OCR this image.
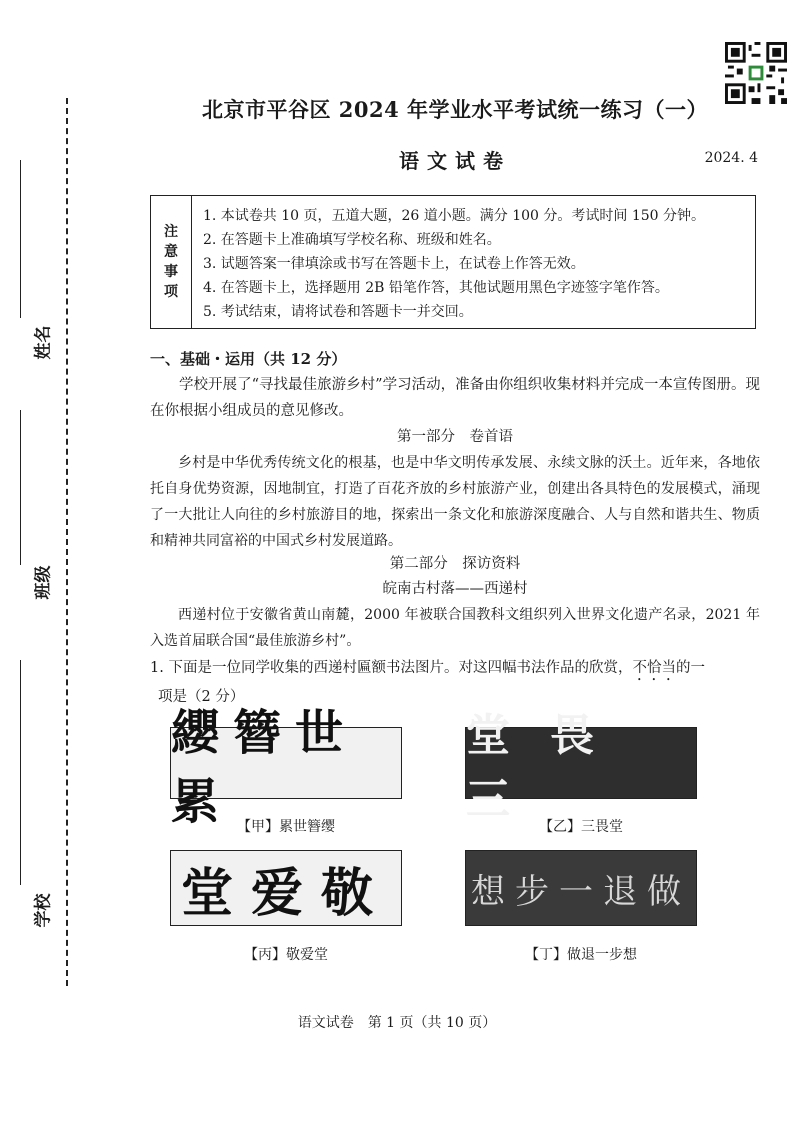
姓名
班级
学校
北京市平谷区 2024 年学业水平考试统一练习（一）
语文试卷	2024. 4
注
意
事
项
1. 本试卷共 10 页，五道大题，26 道小题。满分 100 分。考试时间 150 分钟。
2. 在答题卡上准确填写学校名称、班级和姓名。
3. 试题答案一律填涂或书写在答题卡上，在试卷上作答无效。
4. 在答题卡上，选择题用 2B 铅笔作答，其他试题用黑色字迹签字笔作答。
5. 考试结束，请将试卷和答题卡一并交回。
一、基础・运用（共 12 分）
学校开展了“寻找最佳旅游乡村”学习活动，准备由你组织收集材料并完成一本宣传图册。现在你根据小组成员的意见修改。
第一部分　卷首语
乡村是中华优秀传统文化的根基，也是中华文明传承发展、永续文脉的沃土。近年来，各地依托自身优势资源，因地制宜，打造了百花齐放的乡村旅游产业，创建出各具特色的发展模式，涌现了一大批让人向往的乡村旅游目的地，探索出一条文化和旅游深度融合、人与自然和谐共生、物质和精神共同富裕的中国式乡村发展道路。
第二部分　探访资料
皖南古村落——西递村
西递村位于安徽省黄山南麓，2000 年被联合国教科文组织列入世界文化遗产名录，2021 年入选首届联合国“最佳旅游乡村”。
1. 下面是一位同学收集的西递村匾额书法图片。对这四幅书法作品的欣赏，不恰当的一
项是（2 分）
纓簪世累 【甲】累世簪缨
堂畏三
【乙】三畏堂
堂爱敬
【丙】敬爱堂
想步一退做
【丁】做退一步想
语文试卷　第 1 页（共 10 页）
